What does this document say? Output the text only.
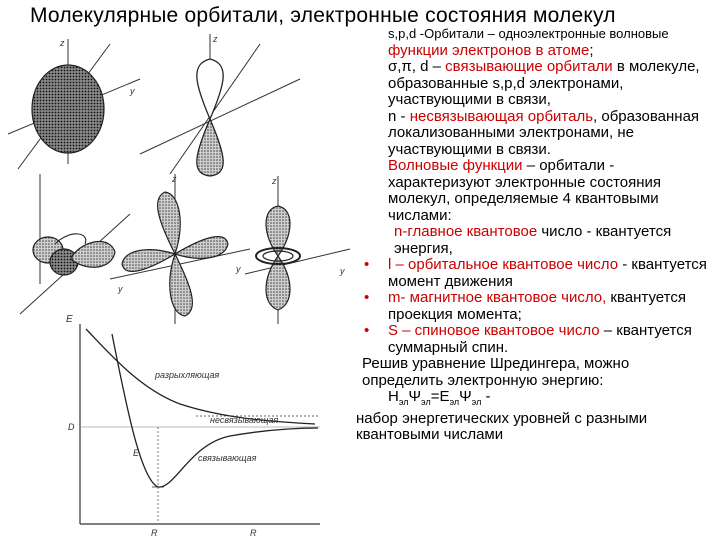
Молекулярные орбитали, электронные состояния молекул
z
y
z
y
z
y
z
y
E
разрыхляющая
несвязывающая
D
связывающая
E
R	R

s,p,d -Орбитали – одноэлектронные волновые функции электронов в атоме;

σ,π, d – связывающие орбитали в молекуле, образованные s,p,d электронами, участвующими в связи,

n - несвязывающая орбиталь, образованная локализованными электронами, не участвующими в связи.

Волновые функции – орбитали - характеризуют электронные состояния молекул, определяемые 4 квантовыми числами:

n-главное квантовое число - квантуется энергия,

• l – орбитальное квантовое число - квантуется момент движения

• m- магнитное квантовое число, квантуется проекция момента;

• S – спиновое квантовое число – квантуется суммарный спин.

Решив уравнение Шредингера, можно определить электронную энергию:

$H_{эл}\Psi_{эл}=E_{эл}\Psi_{эл}$ -

набор энергетических уровней с разными квантовыми числами
